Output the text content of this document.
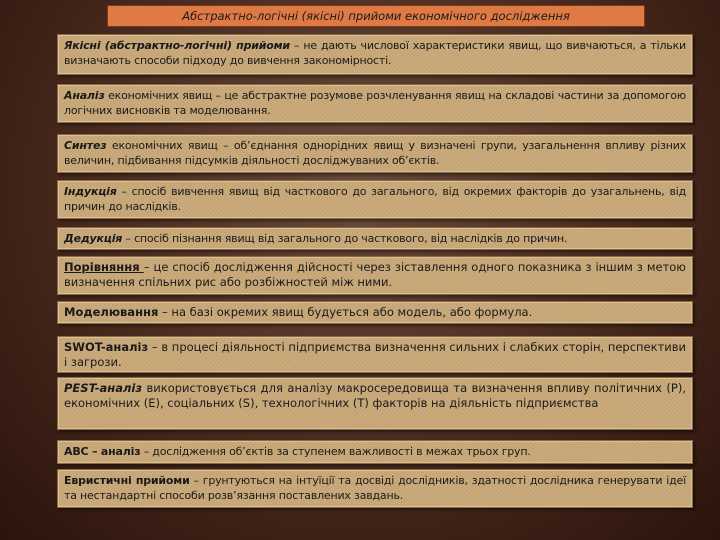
Абстрактно-логічні (якісні) прийоми економічного дослідження

Якісні (абстрактно-логічні) прийоми – не дають числової характеристики явищ, що вивчаються, а тільки визначають способи підходу до вивчення закономірності.

Аналіз економічних явищ – це абстрактне розумове розчленування явищ на складові частини за допомогою логічних висновків та моделювання.

Синтез економічних явищ – об’єднання однорідних явищ у визначені групи, узагальнення впливу різних величин, підбивання підсумків діяльності досліджуваних об’єктів.

Індукція – спосіб вивчення явищ від часткового до загального, від окремих факторів до узагальнень, від причин до наслідків.

Дедукція – спосіб пізнання явищ від загального до часткового, від наслідків до причин.

Порівняння – це спосіб дослідження дійсності через зіставлення одного показника з іншим з метою визначення спільних рис або розбіжностей між ними.

Моделювання – на базі окремих явищ будується або модель, або формула.

SWOT-аналіз – в процесі діяльності підприємства визначення сильних і слабких сторін, перспективи і загрози.

PEST-аналіз використовується для аналізу макросередовища та визначення впливу політичних (P), економічних (E), соціальних (S), технологічних (T) факторів на діяльність підприємства

ABC – аналіз – дослідження об’єктів за ступенем важливості в межах трьох груп.

Евристичні прийоми – грунтуються на інтуїції та досвіді дослідників, здатності дослідника генерувати ідеї та нестандартні способи розв’язання поставлених завдань.
